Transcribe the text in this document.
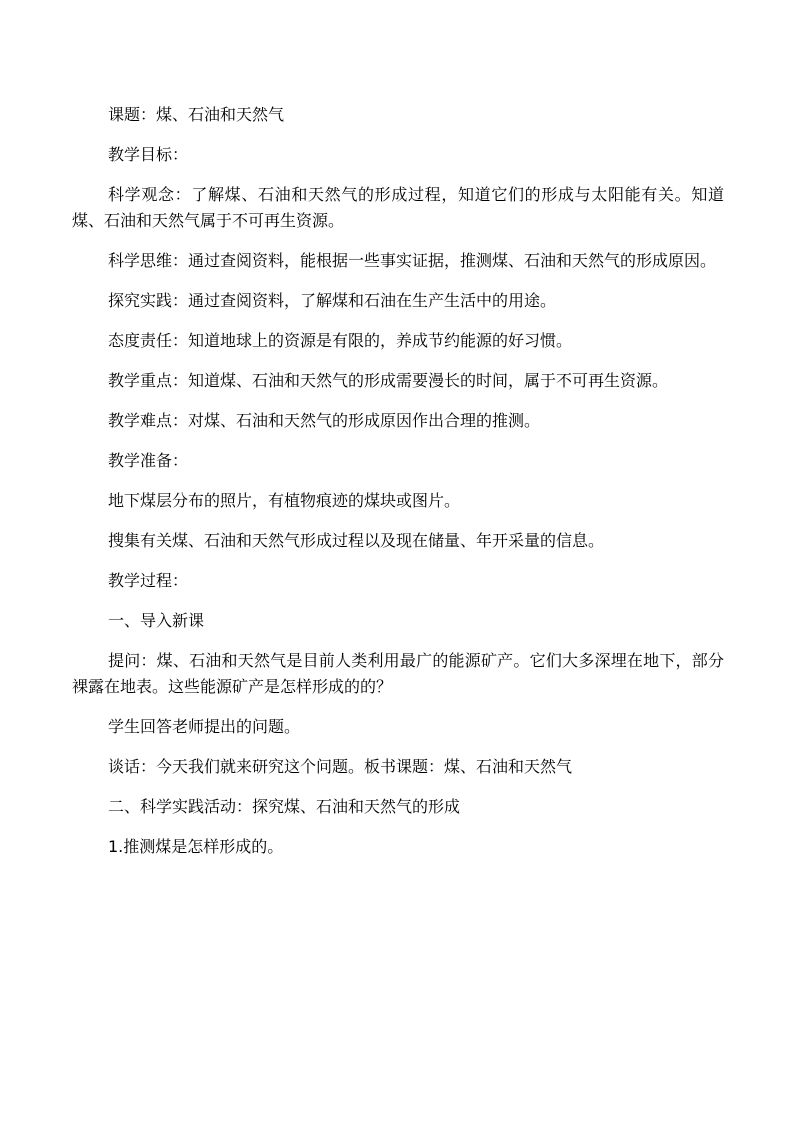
课题：煤、石油和天然气

教学目标：

科学观念：了解煤、石油和天然气的形成过程，知道它们的形成与太阳能有关。知道煤、石油和天然气属于不可再生资源。

科学思维：通过查阅资料，能根据一些事实证据，推测煤、石油和天然气的形成原因。

探究实践：通过查阅资料，了解煤和石油在生产生活中的用途。

态度责任：知道地球上的资源是有限的，养成节约能源的好习惯。

教学重点：知道煤、石油和天然气的形成需要漫长的时间，属于不可再生资源。

教学难点：对煤、石油和天然气的形成原因作出合理的推测。

教学准备：

地下煤层分布的照片，有植物痕迹的煤块或图片。

搜集有关煤、石油和天然气形成过程以及现在储量、年开采量的信息。

教学过程：

一、导入新课

提问：煤、石油和天然气是目前人类利用最广的能源矿产。它们大多深埋在地下，部分裸露在地表。这些能源矿产是怎样形成的的？

学生回答老师提出的问题。

谈话：今天我们就来研究这个问题。板书课题：煤、石油和天然气

二、科学实践活动：探究煤、石油和天然气的形成

1.推测煤是怎样形成的。
